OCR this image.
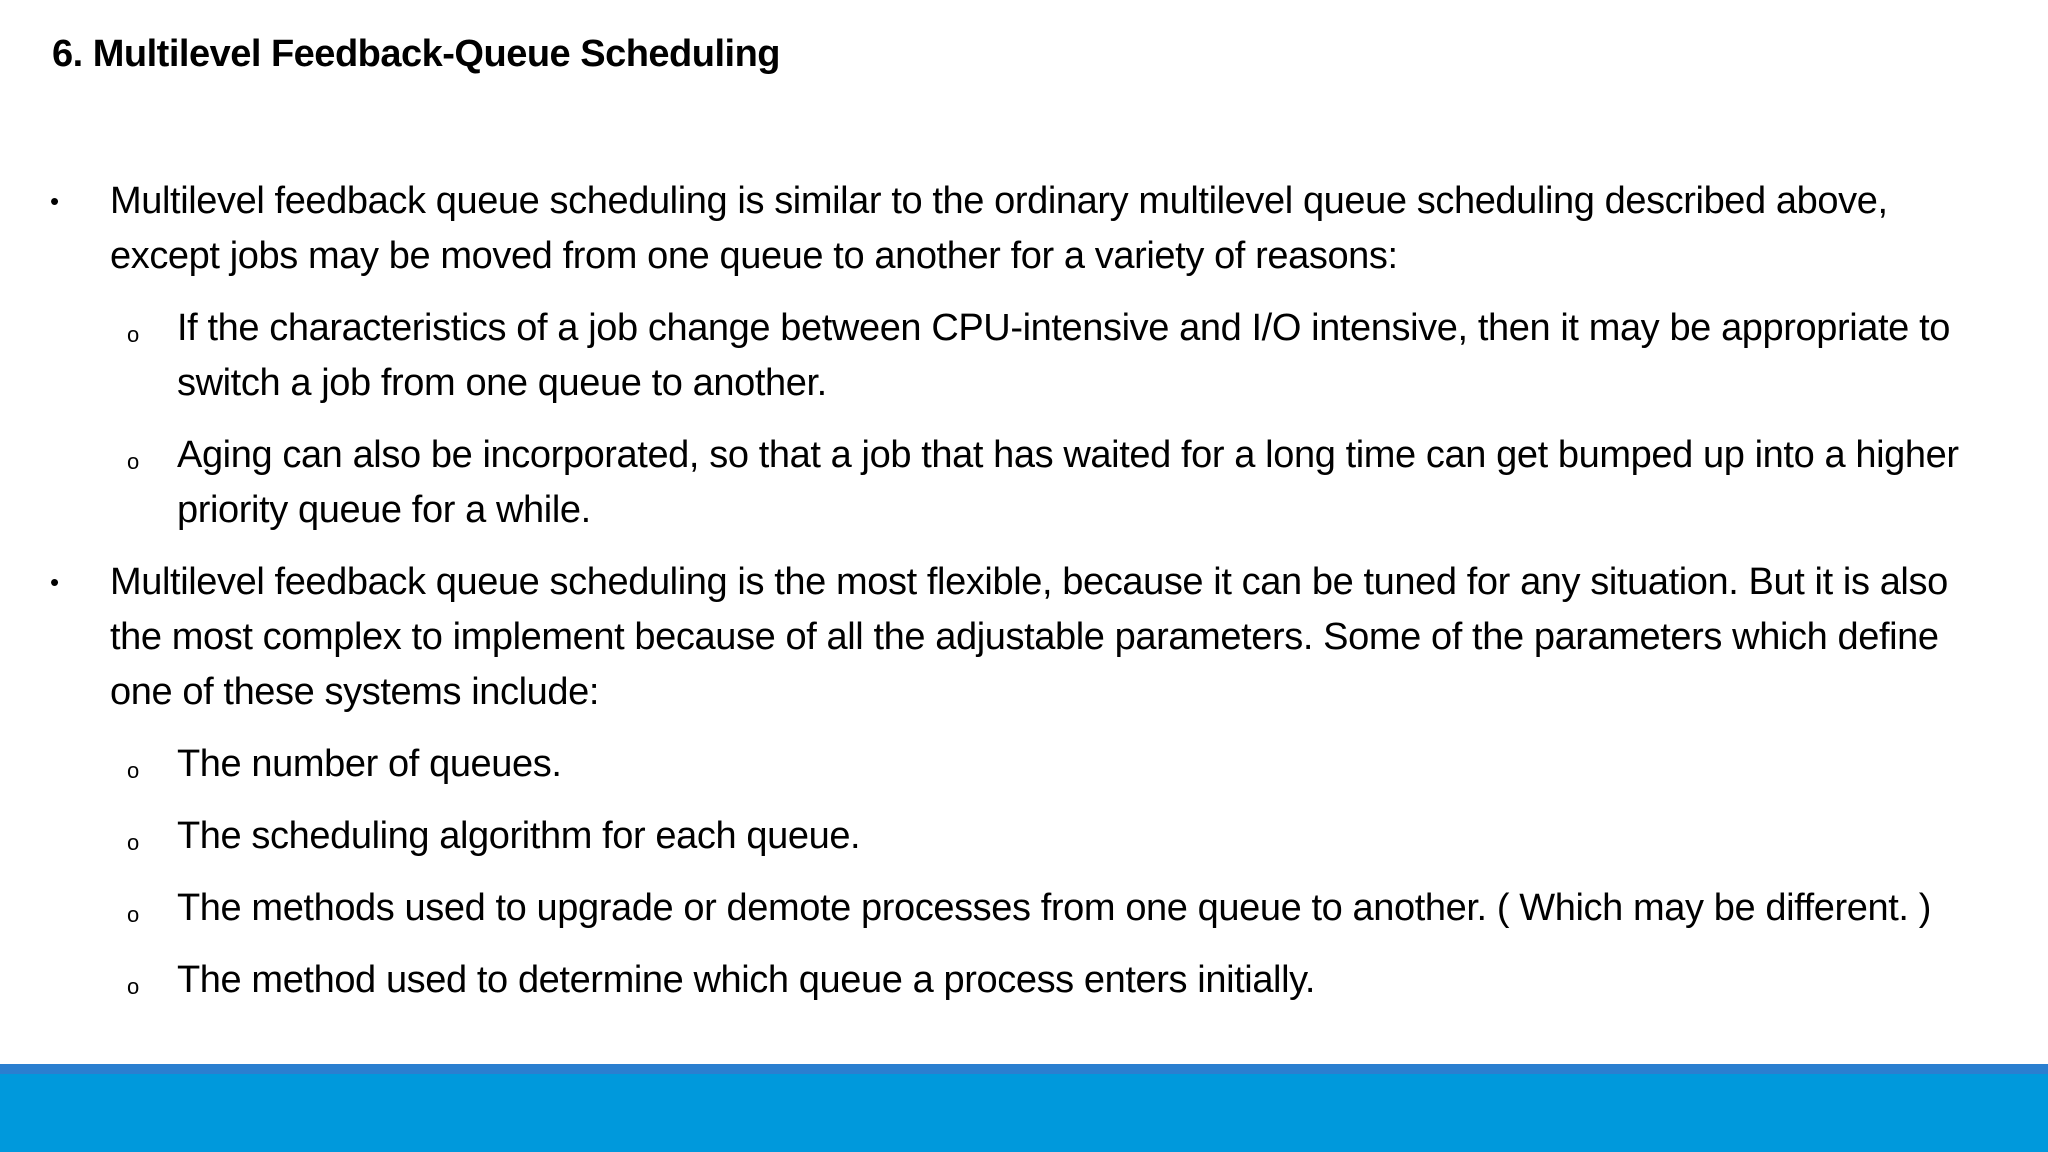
6. Multilevel Feedback-Queue Scheduling
• Multilevel feedback queue scheduling is similar to the ordinary multilevel queue scheduling described above, except jobs may be moved from one queue to another for a variety of reasons:
o If the characteristics of a job change between CPU-intensive and I/O intensive, then it may be appropriate to switch a job from one queue to another.
o Aging can also be incorporated, so that a job that has waited for a long time can get bumped up into a higher priority queue for a while.
• Multilevel feedback queue scheduling is the most flexible, because it can be tuned for any situation. But it is also the most complex to implement because of all the adjustable parameters. Some of the parameters which define one of these systems include:
o The number of queues.
o The scheduling algorithm for each queue.
o The methods used to upgrade or demote processes from one queue to another. ( Which may be different. )
o The method used to determine which queue a process enters initially.
